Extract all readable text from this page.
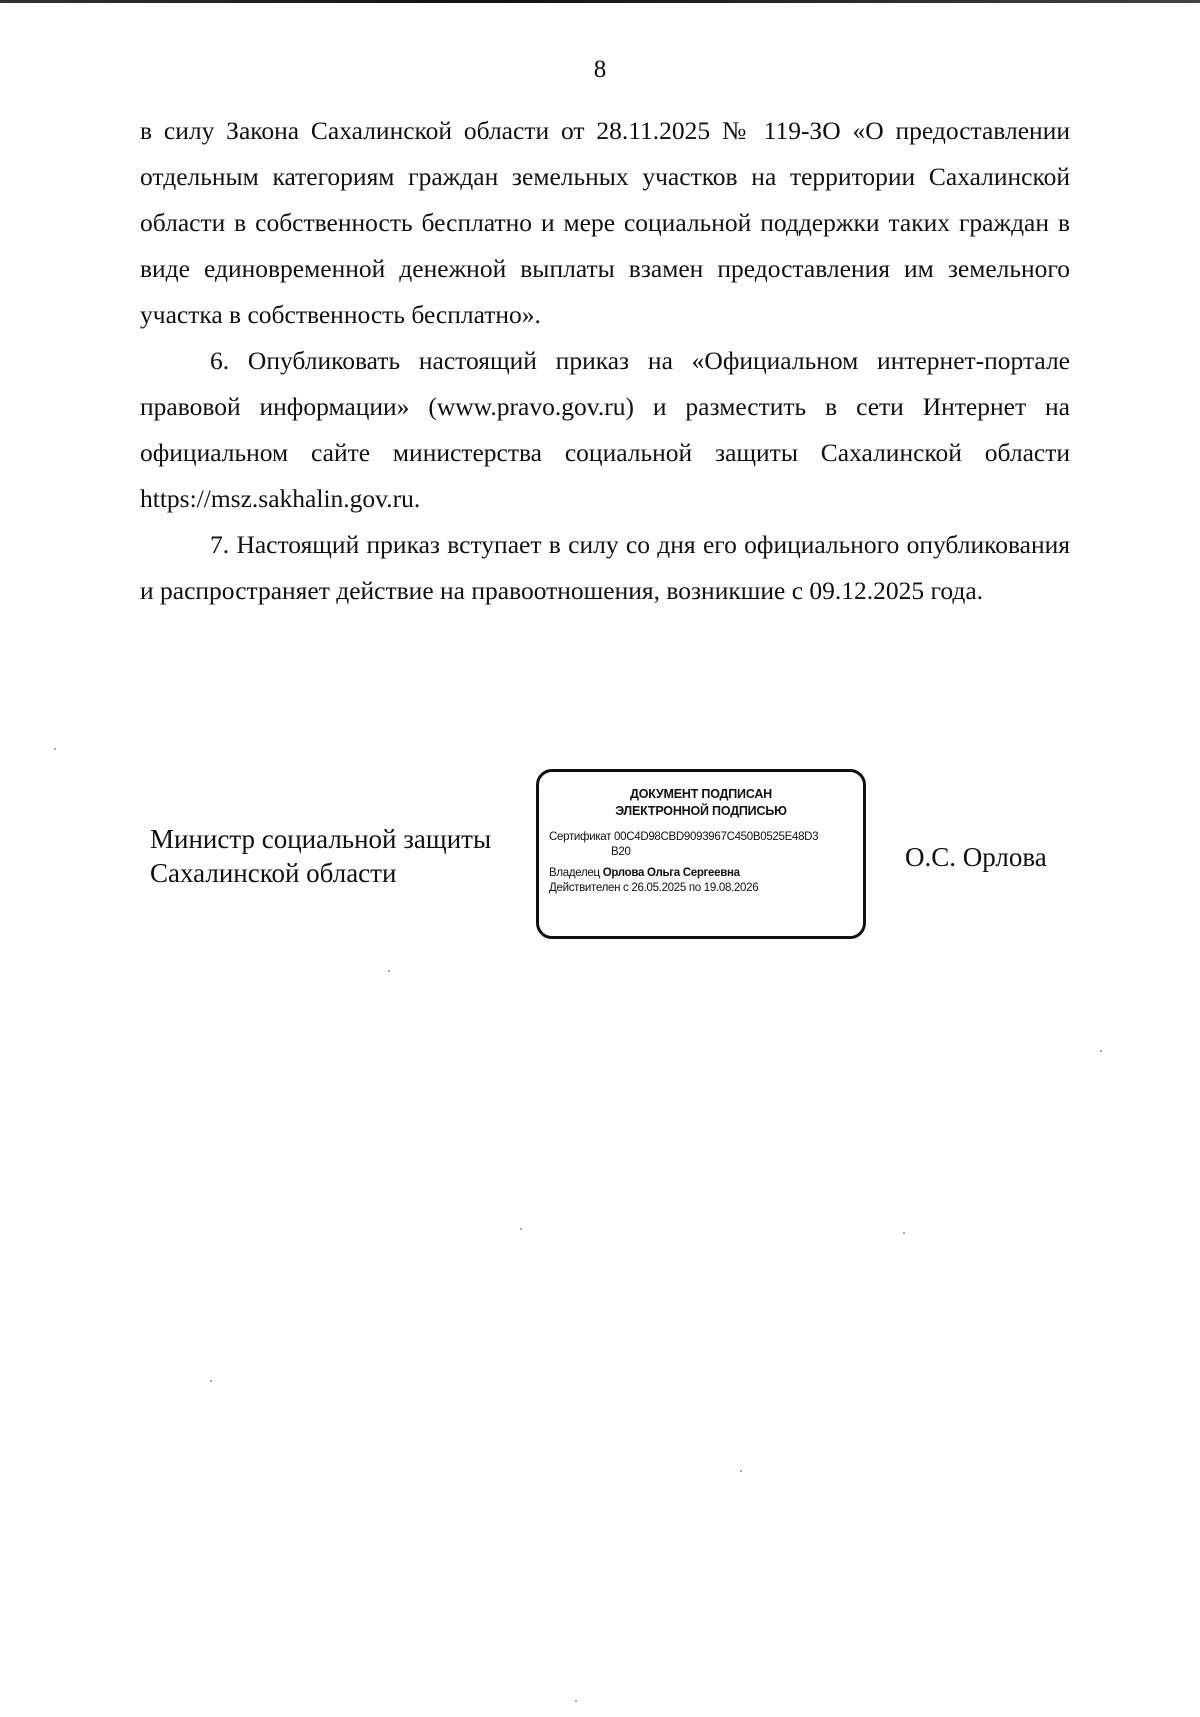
8

в силу Закона Сахалинской области от 28.11.2025 № 119-ЗО «О предоставлении отдельным категориям граждан земельных участков на территории Сахалинской области в собственность бесплатно и мере социальной поддержки таких граждан в виде единовременной денежной выплаты взамен предоставления им земельного участка в собственность бесплатно».

6. Опубликовать настоящий приказ на «Официальном интернет-портале правовой информации» (www.pravo.gov.ru) и разместить в сети Интернет на официальном сайте министерства социальной защиты Сахалинской области https://msz.sakhalin.gov.ru.

7. Настоящий приказ вступает в силу со дня его официального опубликования и распространяет действие на правоотношения, возникшие с 09.12.2025 года.

Министр социальной защиты
Сахалинской области
ДОКУМЕНТ ПОДПИСАН
ЭЛЕКТРОННОЙ ПОДПИСЬЮ
Сертификат 00C4D98CBD9093967C450B0525E48D3
B20
Владелец Орлова Ольга Сергеевна
Действителен с 26.05.2025 по 19.08.2026
О.С. Орлова
